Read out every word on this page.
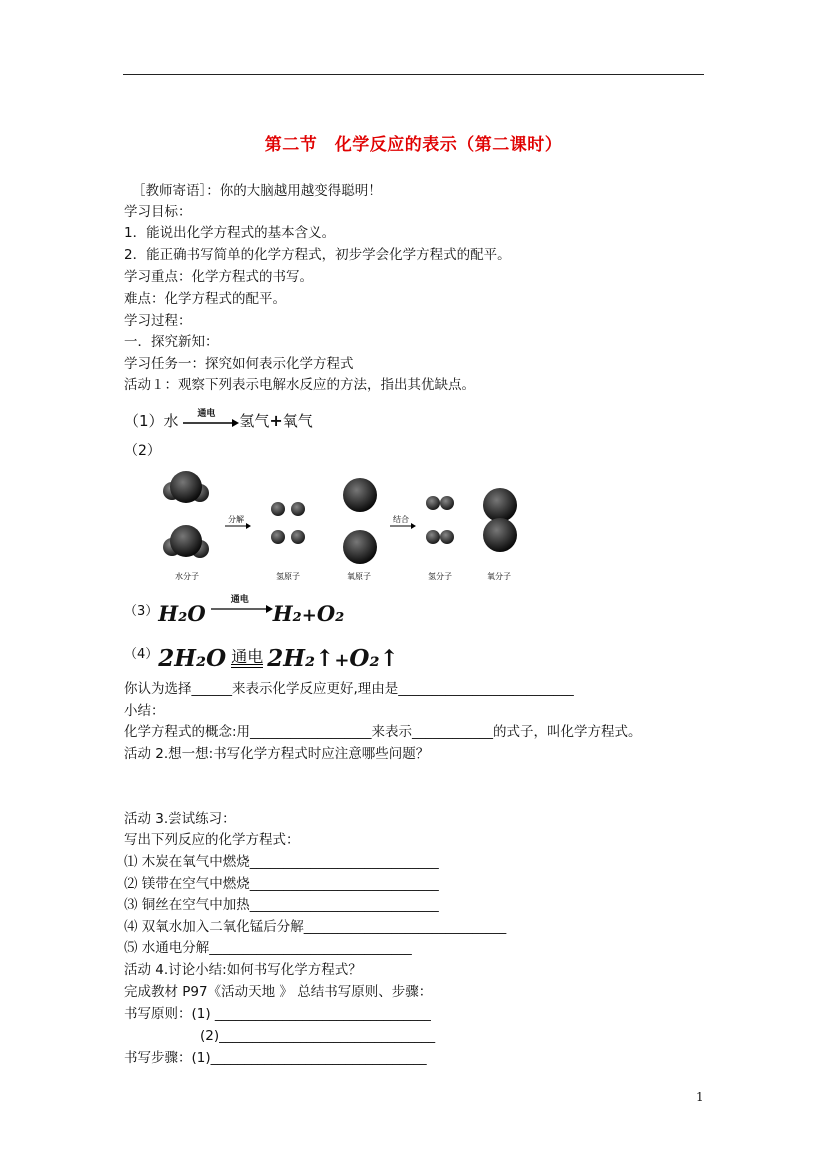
第二节　化学反应的表示（第二课时）
［教师寄语］：你的大脑越用越变得聪明！
学习目标：
1．能说出化学方程式的基本含义。
2．能正确书写简单的化学方程式，初步学会化学方程式的配平。
学习重点：化学方程式的书写。
难点：化学方程式的配平。
学习过程：
一．探究新知：
学习任务一：探究如何表示化学方程式
活动１：观察下列表示电解水反应的方法，指出其优缺点。
（1）水 通电 氢气+氧气
（2）
分解	结合
水分子	氢原子	氧原子	氢分子	氧分子
$^{(3)}$H₂O
通电
H₂+O₂
$^{(4)}$2H₂O 通电 2H₂↑+O₂↑
你认为选择______来表示化学反应更好,理由是__________________________
小结：
化学方程式的概念:用__________________来表示____________的式子，叫化学方程式。
活动 2.想一想:书写化学方程式时应注意哪些问题？
活动 3.尝试练习：
写出下列反应的化学方程式：
⑴ 木炭在氧气中燃烧____________________________
⑵ 镁带在空气中燃烧____________________________
⑶ 铜丝在空气中加热____________________________
⑷ 双氧水加入二氧化锰后分解______________________________
⑸ 水通电分解______________________________
活动 4.讨论小结:如何书写化学方程式？
完成教材 P97《活动天地 》 总结书写原则、步骤：
书写原则：(1) ________________________________
(2)________________________________
书写步骤：(1)________________________________
1
